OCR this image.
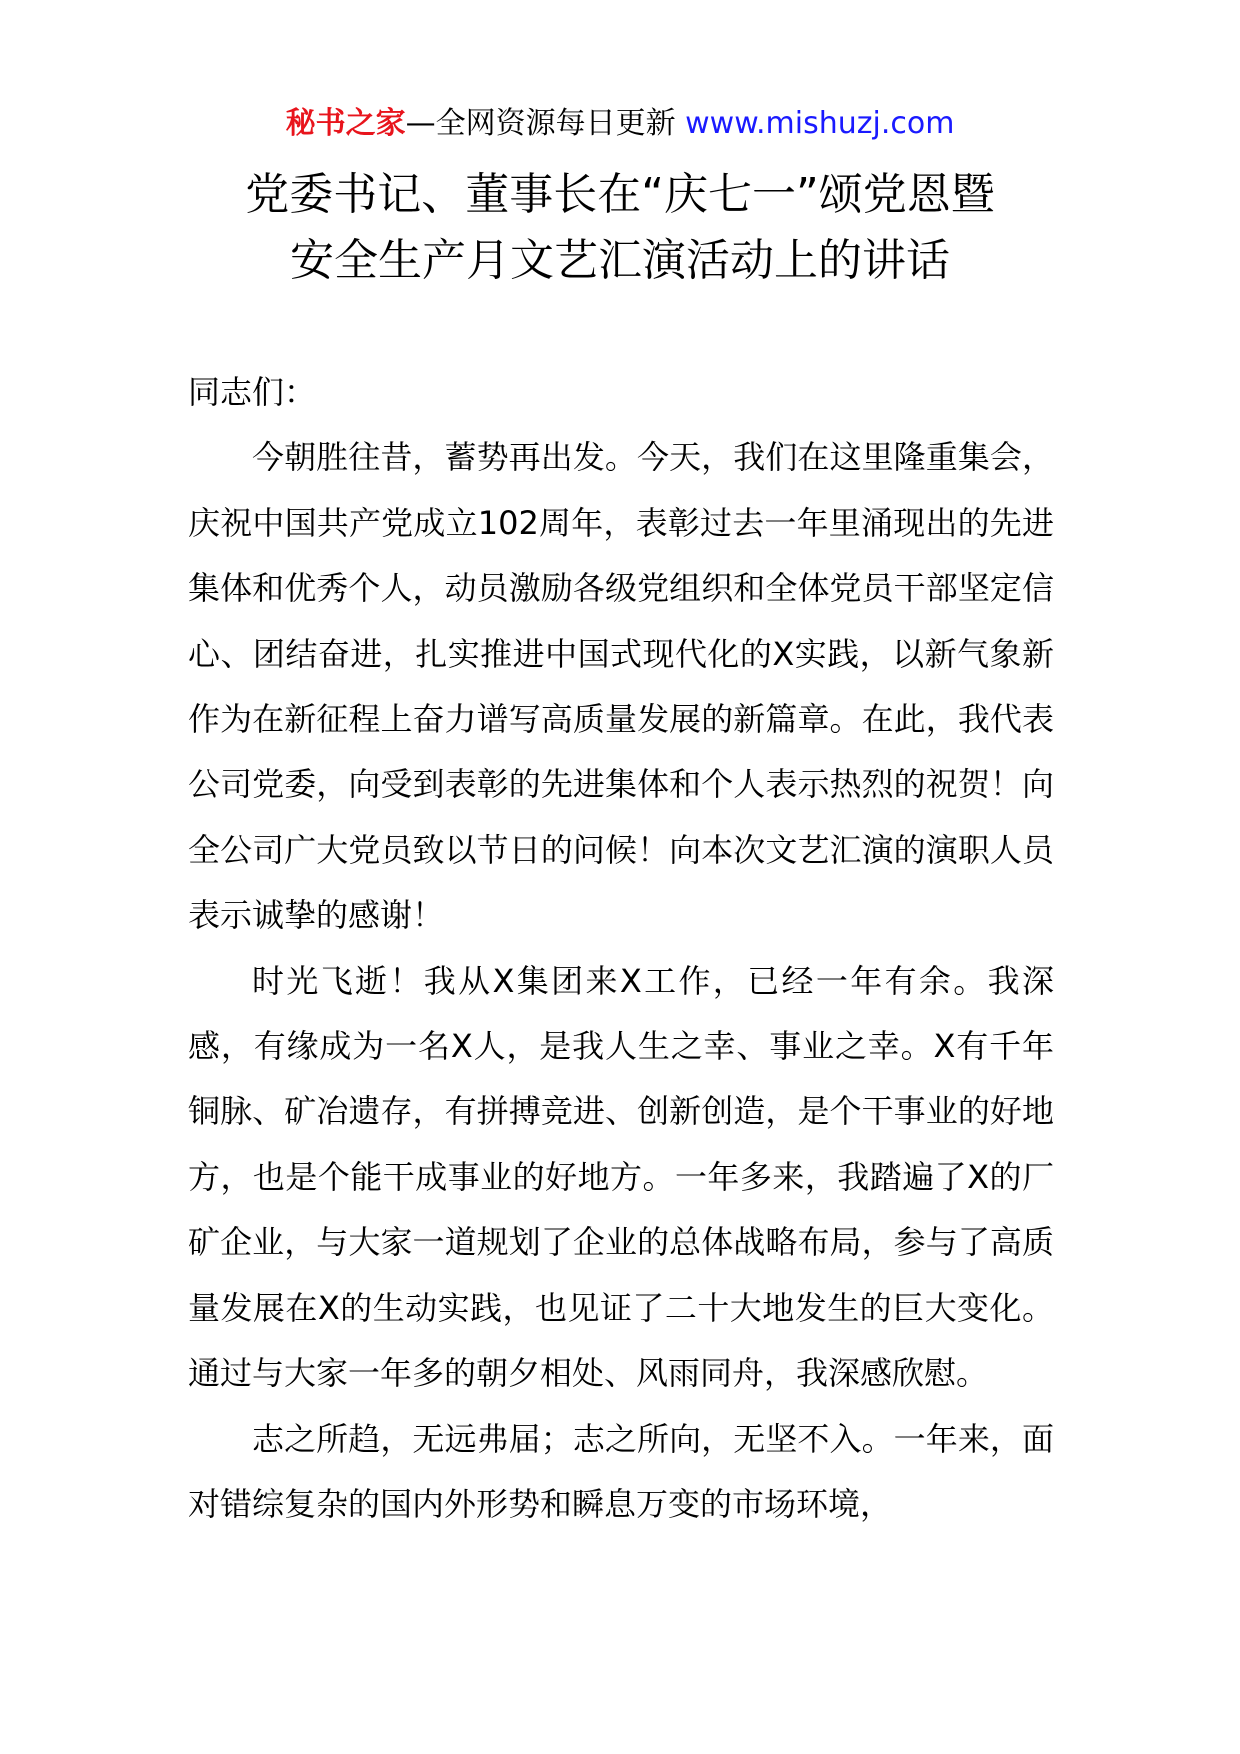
秘书之家—全网资源每日更新 www.mishuzj.com
党委书记、董事长在“庆七一”颂党恩暨
安全生产月文艺汇演活动上的讲话

同志们：

今朝胜往昔，蓄势再出发。今天，我们在这里隆重集会，庆祝中国共产党成立102周年，表彰过去一年里涌现出的先进集体和优秀个人，动员激励各级党组织和全体党员干部坚定信心、团结奋进，扎实推进中国式现代化的X实践，以新气象新作为在新征程上奋力谱写高质量发展的新篇章。在此，我代表公司党委，向受到表彰的先进集体和个人表示热烈的祝贺！向全公司广大党员致以节日的问候！向本次文艺汇演的演职人员表示诚挚的感谢！

时光飞逝！我从X集团来X工作，已经一年有余。我深感，有缘成为一名X人，是我人生之幸、事业之幸。X有千年铜脉、矿冶遗存，有拼搏竞进、创新创造，是个干事业的好地方，也是个能干成事业的好地方。一年多来，我踏遍了X的厂矿企业，与大家一道规划了企业的总体战略布局，参与了高质量发展在X的生动实践，也见证了二十大地发生的巨大变化。通过与大家一年多的朝夕相处、风雨同舟，我深感欣慰。

志之所趋，无远弗届；志之所向，无坚不入。一年来，面对错综复杂的国内外形势和瞬息万变的市场环境，
